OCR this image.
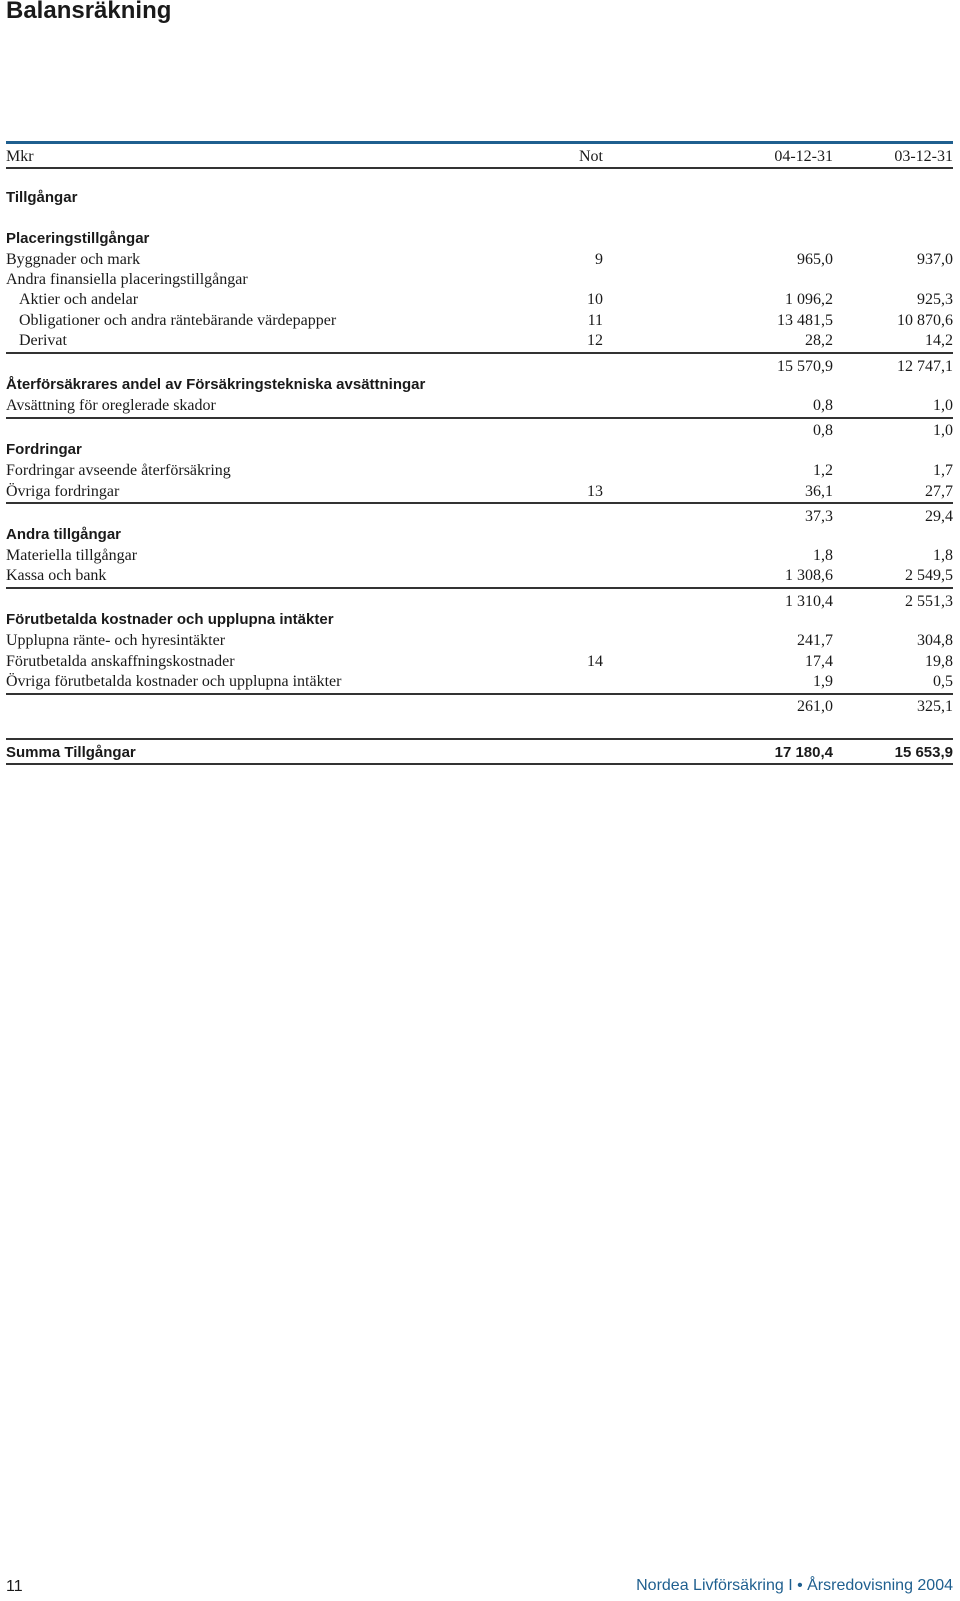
Balansräkning
Mkr	Not	04-12-31	03-12-31
Tillgångar
Placeringstillgångar
Byggnader och mark	9	965,0	937,0
Andra finansiella placeringstillgångar
Aktier och andelar	10	1 096,2	925,3
Obligationer och andra räntebärande värdepapper	11	13 481,5	10 870,6
Derivat	12	28,2	14,2
15 570,9	12 747,1
Återförsäkrares andel av Försäkringstekniska avsättningar
Avsättning för oreglerade skador	0,8	1,0
0,8	1,0
Fordringar
Fordringar avseende återförsäkring	1,2	1,7
Övriga fordringar	13	36,1	27,7
37,3	29,4
Andra tillgångar
Materiella tillgångar	1,8	1,8
Kassa och bank	1 308,6	2 549,5
1 310,4	2 551,3
Förutbetalda kostnader och upplupna intäkter
Upplupna ränte- och hyresintäkter	241,7	304,8
Förutbetalda anskaffningskostnader	14	17,4	19,8
Övriga förutbetalda kostnader och upplupna intäkter	1,9	0,5
261,0	325,1
Summa Tillgångar	17 180,4	15 653,9
11	Nordea Livförsäkring I • Årsredovisning 2004
